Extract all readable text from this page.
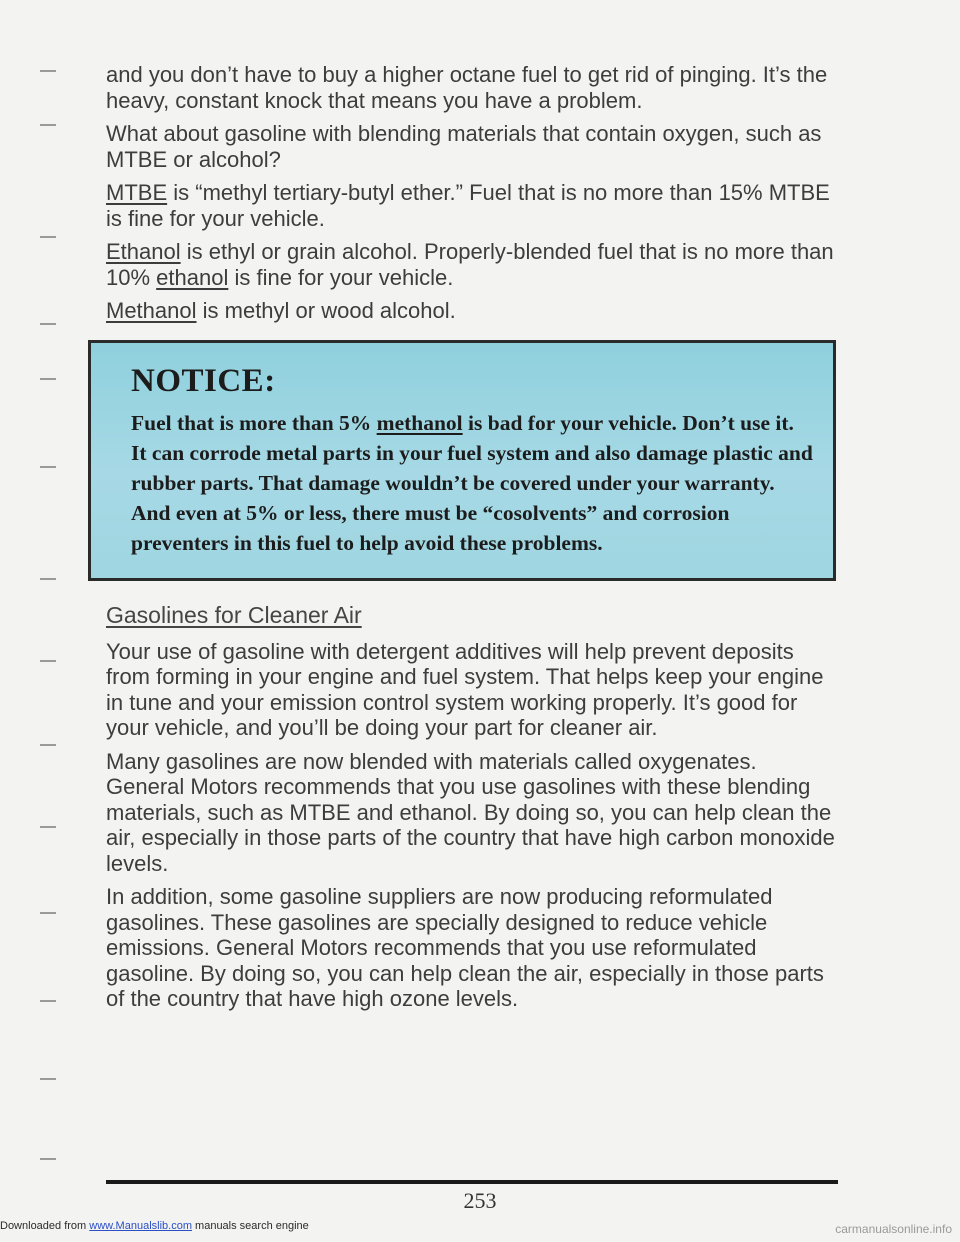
and you don’t have to buy a higher octane fuel to get rid of pinging. It’s the heavy, constant knock that means you have a problem.

What about gasoline with blending materials that contain oxygen, such as MTBE or alcohol?

MTBE is “methyl tertiary-butyl ether.” Fuel that is no more than 15% MTBE is fine for your vehicle.

Ethanol is ethyl or grain alcohol. Properly-blended fuel that is no more than 10% ethanol is fine for your vehicle.

Methanol is methyl or wood alcohol.

NOTICE:
Fuel that is more than 5% methanol is bad for your vehicle. Don’t use it. It can corrode metal parts in your fuel system and also damage plastic and rubber parts. That damage wouldn’t be covered under your warranty. And even at 5% or less, there must be “cosolvents” and corrosion preventers in this fuel to help avoid these problems.
Gasolines for Cleaner Air

Your use of gasoline with detergent additives will help prevent deposits from forming in your engine and fuel system. That helps keep your engine in tune and your emission control system working properly. It’s good for your vehicle, and you’ll be doing your part for cleaner air.

Many gasolines are now blended with materials called oxygenates. General Motors recommends that you use gasolines with these blending materials, such as MTBE and ethanol. By doing so, you can help clean the air, especially in those parts of the country that have high carbon monoxide levels.

In addition, some gasoline suppliers are now producing reformulated gasolines. These gasolines are specially designed to reduce vehicle emissions. General Motors recommends that you use reformulated gasoline. By doing so, you can help clean the air, especially in those parts of the country that have high ozone levels.

253
Downloaded from www.Manualslib.com manuals search engine	carmanualsonline.info
